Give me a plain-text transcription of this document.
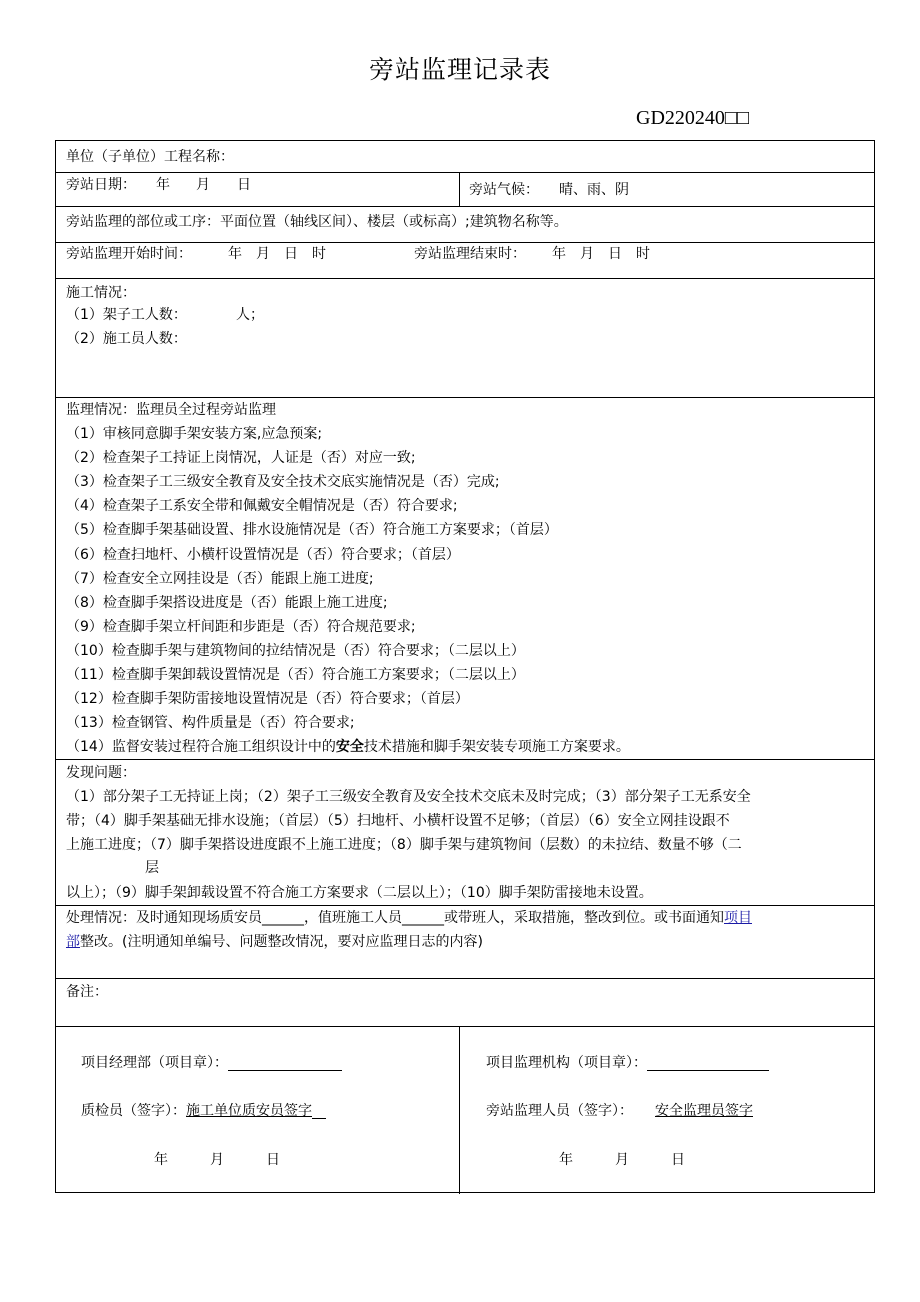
旁站监理记录表
GD220240□□
单位（子单位）工程名称：
旁站日期： 年 月 日	旁站气候： 晴、雨、阴
旁站监理的部位或工序：平面位置（轴线区间）、楼层（或标高）;建筑物名称等。
旁站监理开始时间：	年　月　日　时	旁站监理结束时： 年　月　日　时
施工情况：
（1）架子工人数：	人；
（2）施工员人数：
监理情况：监理员全过程旁站监理
（1）审核同意脚手架安装方案,应急预案;
（2）检查架子工持证上岗情况，人证是（否）对应一致;
（3）检查架子工三级安全教育及安全技术交底实施情况是（否）完成;
（4）检查架子工系安全带和佩戴安全帽情况是（否）符合要求;
（5）检查脚手架基础设置、排水设施情况是（否）符合施工方案要求；（首层）
（6）检查扫地杆、小横杆设置情况是（否）符合要求；（首层）
（7）检查安全立网挂设是（否）能跟上施工进度;
（8）检查脚手架搭设进度是（否）能跟上施工进度;
（9）检查脚手架立杆间距和步距是（否）符合规范要求;
（10）检查脚手架与建筑物间的拉结情况是（否）符合要求；（二层以上）
（11）检查脚手架卸载设置情况是（否）符合施工方案要求；（二层以上）
（12）检查脚手架防雷接地设置情况是（否）符合要求；（首层）
（13）检查钢管、构件质量是（否）符合要求;
（14）监督安装过程符合施工组织设计中的安全技术措施和脚手架安装专项施工方案要求。
发现问题：
（1）部分架子工无持证上岗；（2）架子工三级安全教育及安全技术交底未及时完成；（3）部分架子工无系安全
带；（4）脚手架基础无排水设施；（首层）（5）扫地杆、小横杆设置不足够；（首层）（6）安全立网挂设跟不
上施工进度；（7）脚手架搭设进度跟不上施工进度；（8）脚手架与建筑物间（层数）的未拉结、数量不够（二
层
以上）；（9）脚手架卸载设置不符合施工方案要求（二层以上）；（10）脚手架防雷接地未设置。
处理情况：及时通知现场质安员______，值班施工人员______或带班人，采取措施，整改到位。或书面通知项目
部整改。(注明通知单编号、问题整改情况，要对应监理日志的内容)
备注：
项目经理部（项目章）：
质检员（签字）：施工单位质安员签字
年　　　月　　　日
项目监理机构（项目章）：
旁站监理人员（签字）： 安全监理员签字
年　　　月　　　日
